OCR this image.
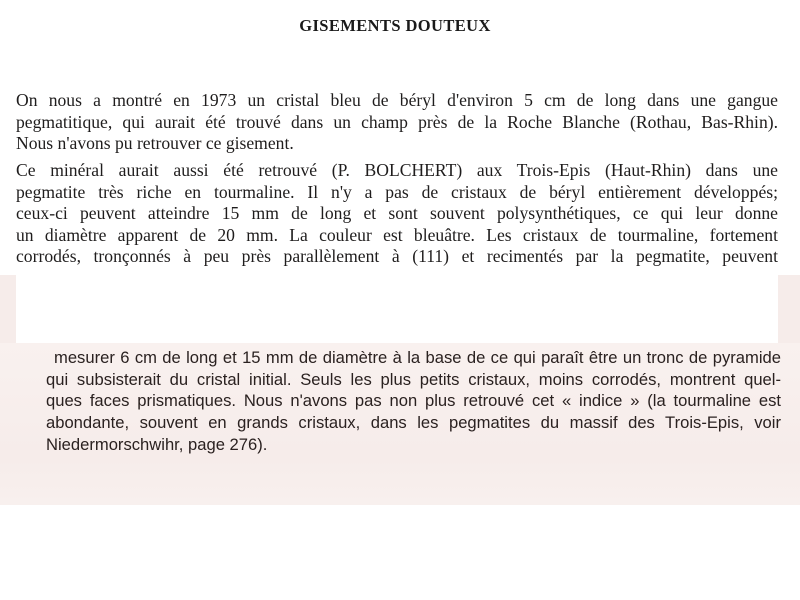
GISEMENTS DOUTEUX

On nous a montré en 1973 un cristal bleu de béryl d'environ 5 cm de long dans une gangue
pegmatitique, qui aurait été trouvé dans un champ près de la Roche Blanche (Rothau, Bas-Rhin).
Nous n'avons pu retrouver ce gisement.

Ce minéral aurait aussi été retrouvé (P. BOLCHERT) aux Trois-Epis (Haut-Rhin) dans une
pegmatite très riche en tourmaline. Il n'y a pas de cristaux de béryl entièrement développés;
ceux-ci peuvent atteindre 15 mm de long et sont souvent polysynthétiques, ce qui leur donne
un diamètre apparent de 20 mm. La couleur est bleuâtre. Les cristaux de tourmaline, fortement
corrodés, tronçonnés à peu près parallèlement à (111) et recimentés par la pegmatite, peuvent

mesurer 6 cm de long et 15 mm de diamètre à la base de ce qui paraît être un tronc de pyramide
qui subsisterait du cristal initial. Seuls les plus petits cristaux, moins corrodés, montrent quel-
ques faces prismatiques. Nous n'avons pas non plus retrouvé cet « indice » (la tourmaline est
abondante, souvent en grands cristaux, dans les pegmatites du massif des Trois-Epis, voir
Niedermorschwihr, page 276).
